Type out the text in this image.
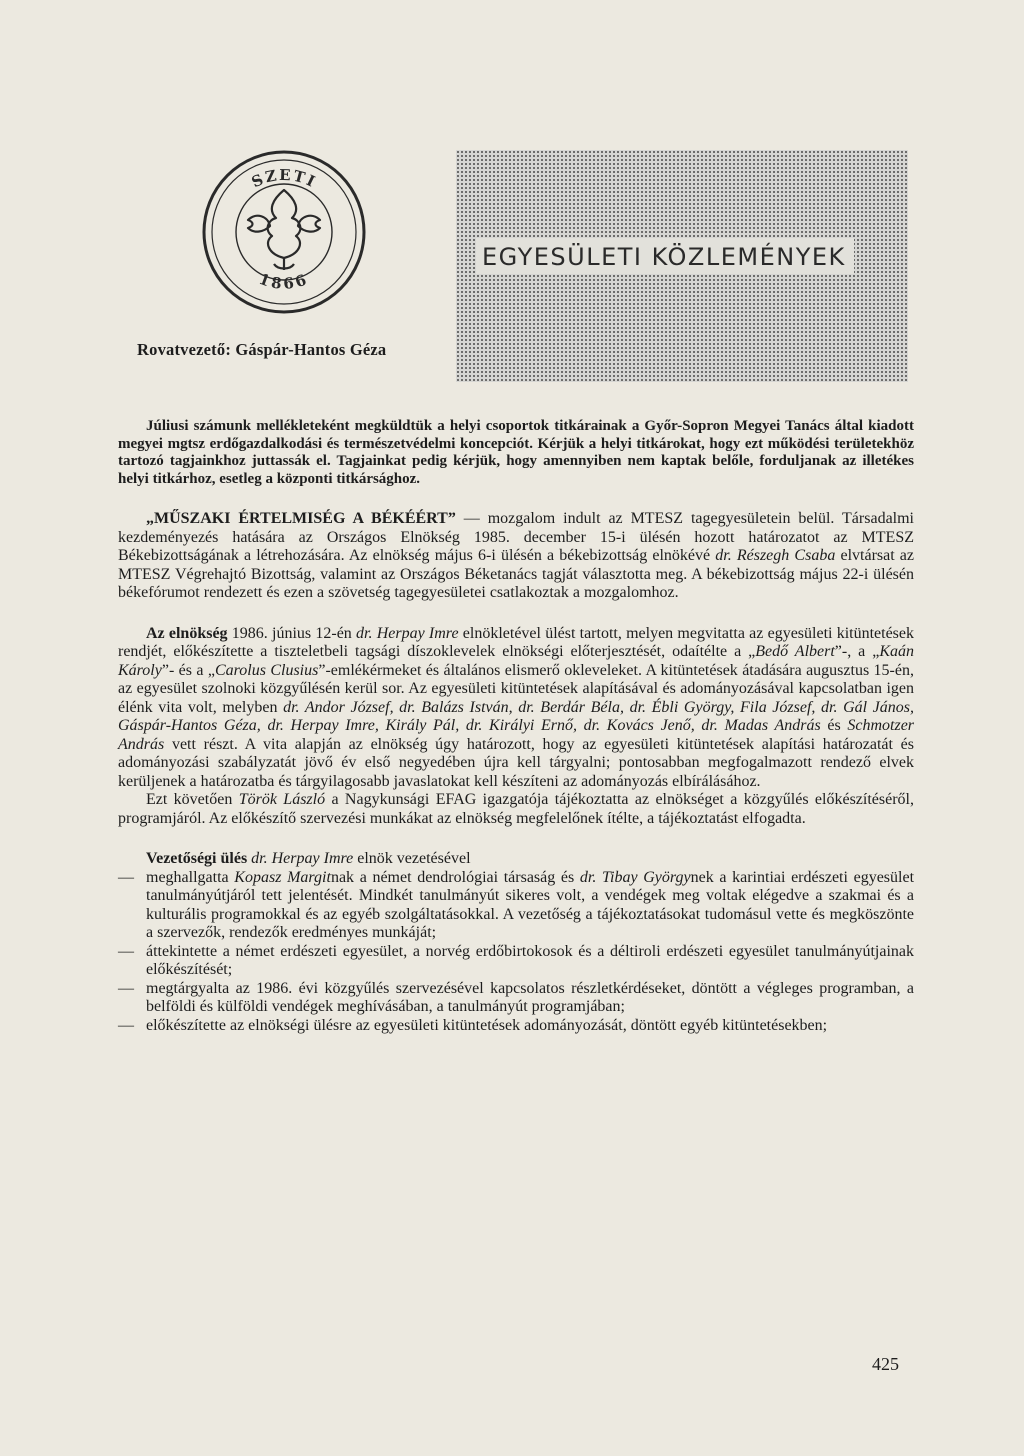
SZETI
1866
Rovatvezető: Gáspár-Hantos Géza
EGYESÜLETI KÖZLEMÉNYEK

Júliusi számunk mellékleteként megküldtük a helyi csoportok titkárainak a Győr-Sopron Megyei Tanács által kiadott megyei mgtsz erdőgazdalkodási és természetvédelmi koncepciót. Kérjük a helyi titkárokat, hogy ezt működési területekhöz tartozó tagjainkhoz juttassák el. Tagjainkat pedig kérjük, hogy amennyiben nem kaptak belőle, forduljanak az illetékes helyi titkárhoz, esetleg a központi titkársághoz.

„MŰSZAKI ÉRTELMISÉG A BÉKÉÉRT” — mozgalom indult az MTESZ tagegyesületein belül. Társadalmi kezdeményezés hatására az Országos Elnökség 1985. december 15-i ülésén hozott határozatot az MTESZ Békebizottságának a létrehozására. Az elnökség május 6-i ülésén a békebizottság elnökévé dr. Részegh Csaba elvtársat az MTESZ Végrehajtó Bizottság, valamint az Országos Béketanács tagját választotta meg. A békebizottság május 22-i ülésén békefórumot rendezett és ezen a szövetség tagegyesületei csatlakoztak a mozgalomhoz.

Az elnökség 1986. június 12-én dr. Herpay Imre elnökletével ülést tartott, melyen megvitatta az egyesületi kitüntetések rendjét, előkészítette a tiszteletbeli tagsági díszoklevelek elnökségi előterjesztését, odaítélte a „Bedő Albert”-, a „Kaán Károly”- és a „Carolus Clusius”-emlékérmeket és általános elismerő okleveleket. A kitüntetések átadására augusztus 15-én, az egyesület szolnoki közgyűlésén kerül sor. Az egyesületi kitüntetések alapításával és adományozásával kapcsolatban igen élénk vita volt, melyben dr. Andor József, dr. Balázs István, dr. Berdár Béla, dr. Ébli György, Fila József, dr. Gál János, Gáspár-Hantos Géza, dr. Herpay Imre, Király Pál, dr. Királyi Ernő, dr. Kovács Jenő, dr. Madas András és Schmotzer András vett részt. A vita alapján az elnökség úgy határozott, hogy az egyesületi kitüntetések alapítási határozatát és adományozási szabályzatát jövő év első negyedében újra kell tárgyalni; pontosabban megfogalmazott rendező elvek kerüljenek a határozatba és tárgyilagosabb javaslatokat kell készíteni az adományozás elbírálásához.

Ezt követően Török László a Nagykunsági EFAG igazgatója tájékoztatta az elnökséget a közgyűlés előkészítéséről, programjáról. Az előkészítő szervezési munkákat az elnökség megfelelőnek ítélte, a tájékoztatást elfogadta.

Vezetőségi ülés dr. Herpay Imre elnök vezetésével

— meghallgatta Kopasz Margitnak a német dendrológiai társaság és dr. Tibay Györgynek a karintiai erdészeti egyesület tanulmányútjáról tett jelentését. Mindkét tanulmányút sikeres volt, a vendégek meg voltak elégedve a szakmai és a kulturális programokkal és az egyéb szolgáltatásokkal. A vezetőség a tájékoztatásokat tudomásul vette és megköszönte a szervezők, rendezők eredményes munkáját;
— áttekintette a német erdészeti egyesület, a norvég erdőbirtokosok és a déltiroli erdészeti egyesület tanulmányútjainak előkészítését;
— megtárgyalta az 1986. évi közgyűlés szervezésével kapcsolatos részletkérdéseket, döntött a végleges programban, a belföldi és külföldi vendégek meghívásában, a tanulmányút programjában;
— előkészítette az elnökségi ülésre az egyesületi kitüntetések adományozását, döntött egyéb kitüntetésekben;
425
